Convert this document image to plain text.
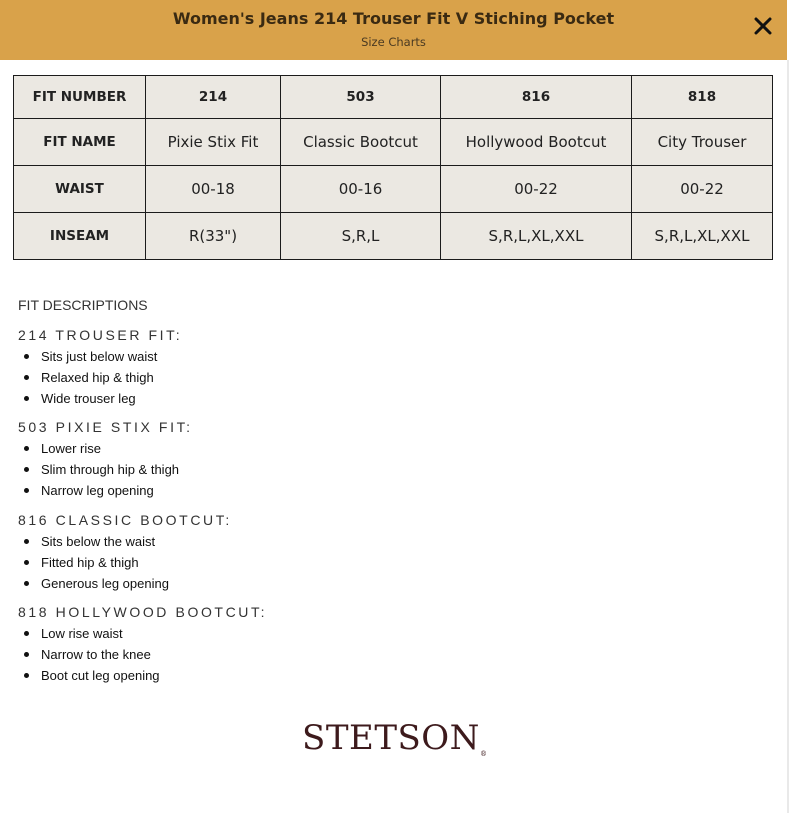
Women's Jeans 214 Trouser Fit V Stiching Pocket
Size Charts
FIT NUMBER	214	503	816	818
FIT NAME	Pixie Stix Fit	Classic Bootcut	Hollywood Bootcut	City Trouser
WAIST	00-18	00-16	00-22	00-22
INSEAM	R(33")	S,R,L	S,R,L,XL,XXL	S,R,L,XL,XXL
FIT DESCRIPTIONS
214 TROUSER FIT:
Sits just below waist
Relaxed hip & thigh
Wide trouser leg
503 PIXIE STIX FIT:
Lower rise
Slim through hip & thigh
Narrow leg opening
816 CLASSIC BOOTCUT:
Sits below the waist
Fitted hip & thigh
Generous leg opening
818 HOLLYWOOD BOOTCUT:
Low rise waist
Narrow to the knee
Boot cut leg opening
STETSON®
